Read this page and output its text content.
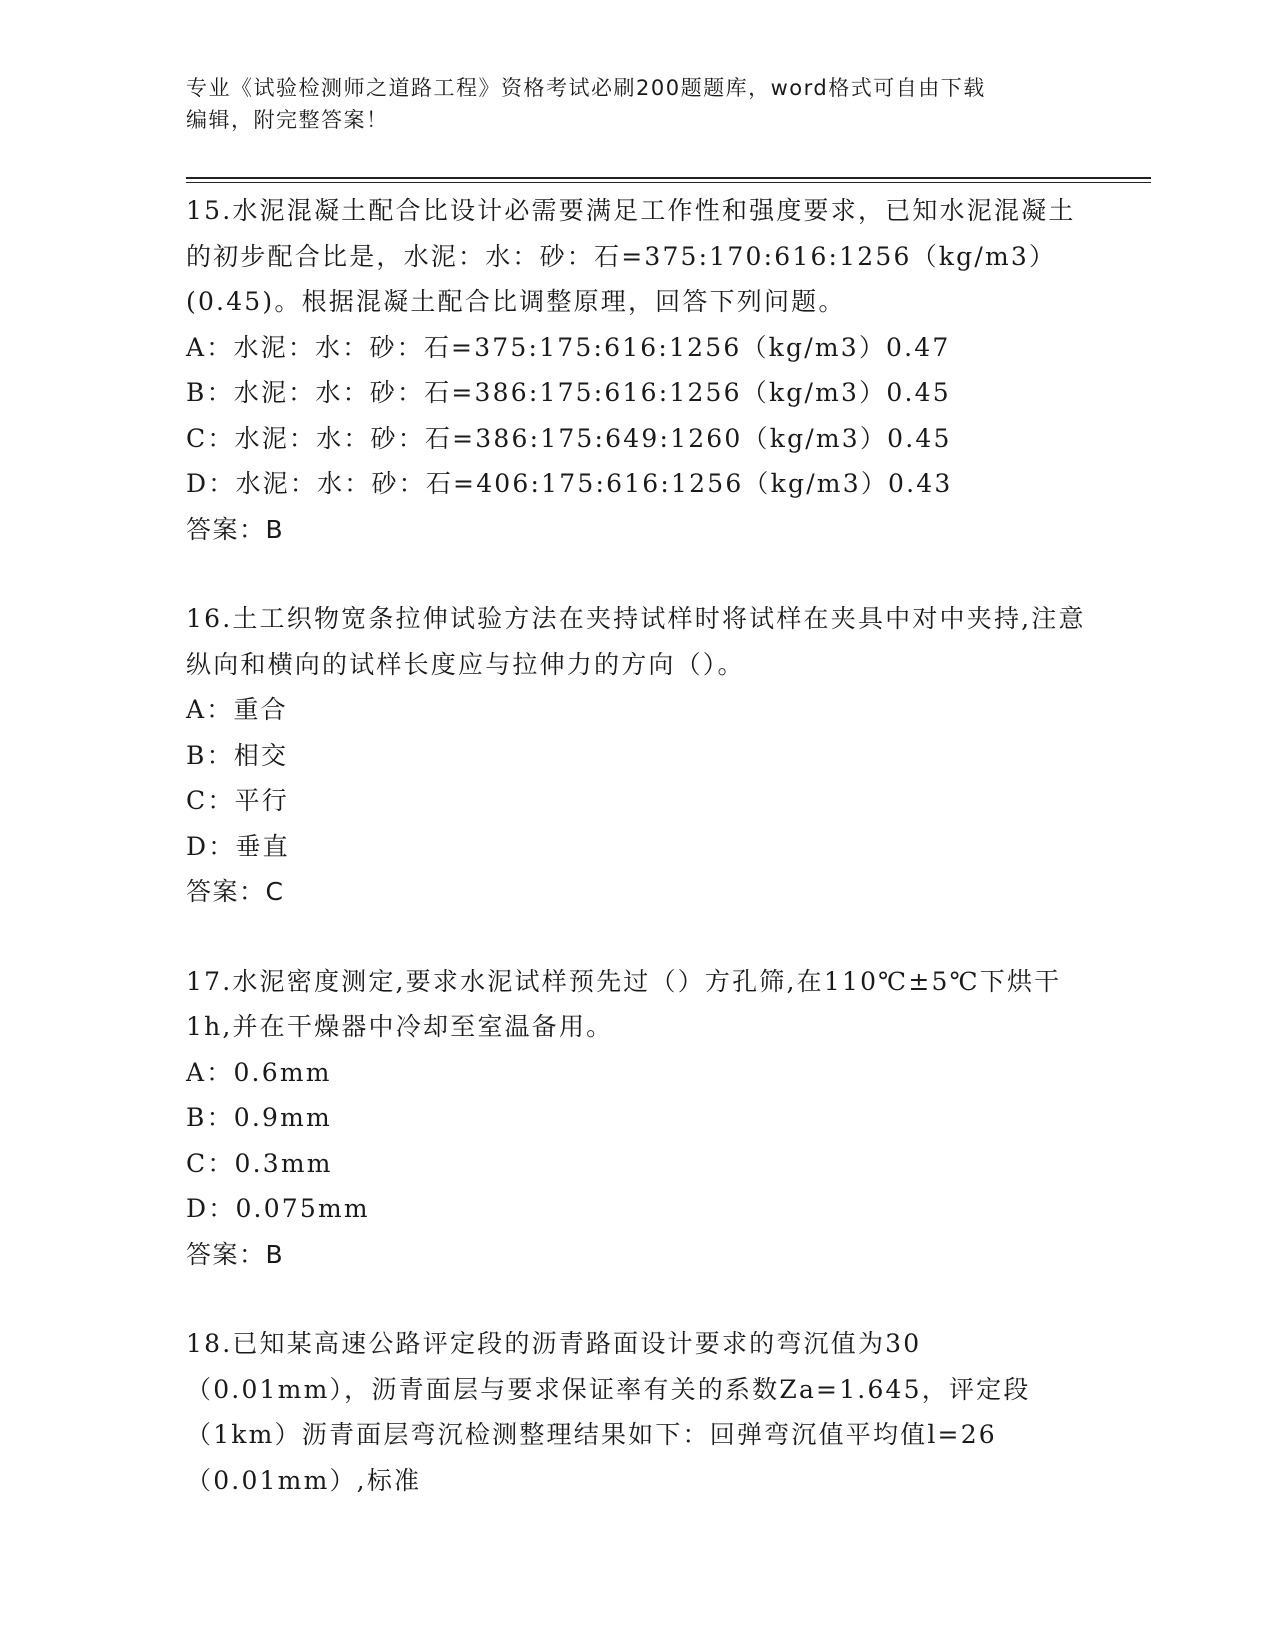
专业《试验检测师之道路工程》资格考试必刷200题题库，word格式可自由下载
编辑，附完整答案！

15.水泥混凝土配合比设计必需要满足工作性和强度要求，已知水泥混凝土的初步配合比是，水泥：水：砂：石=375:170:616:1256（kg/m3）(0.45)。根据混凝土配合比调整原理，回答下列问题。

A：水泥：水：砂：石=375:175:616:1256（kg/m3）0.47

B：水泥：水：砂：石=386:175:616:1256（kg/m3）0.45

C：水泥：水：砂：石=386:175:649:1260（kg/m3）0.45

D：水泥：水：砂：石=406:175:616:1256（kg/m3）0.43

答案：B

16.土工织物宽条拉伸试验方法在夹持试样时将试样在夹具中对中夹持,注意纵向和横向的试样长度应与拉伸力的方向（）。

A：重合

B：相交

C：平行

D：垂直

答案：C

17.水泥密度测定,要求水泥试样预先过（）方孔筛,在110℃±5℃下烘干1h,并在干燥器中冷却至室温备用。

A：0.6mm

B：0.9mm

C：0.3mm

D：0.075mm

答案：B

18.已知某高速公路评定段的沥青路面设计要求的弯沉值为30（0.01mm），沥青面层与要求保证率有关的系数Za=1.645，评定段（1km）沥青面层弯沉检测整理结果如下：回弹弯沉值平均值l=26（0.01mm）,标准
